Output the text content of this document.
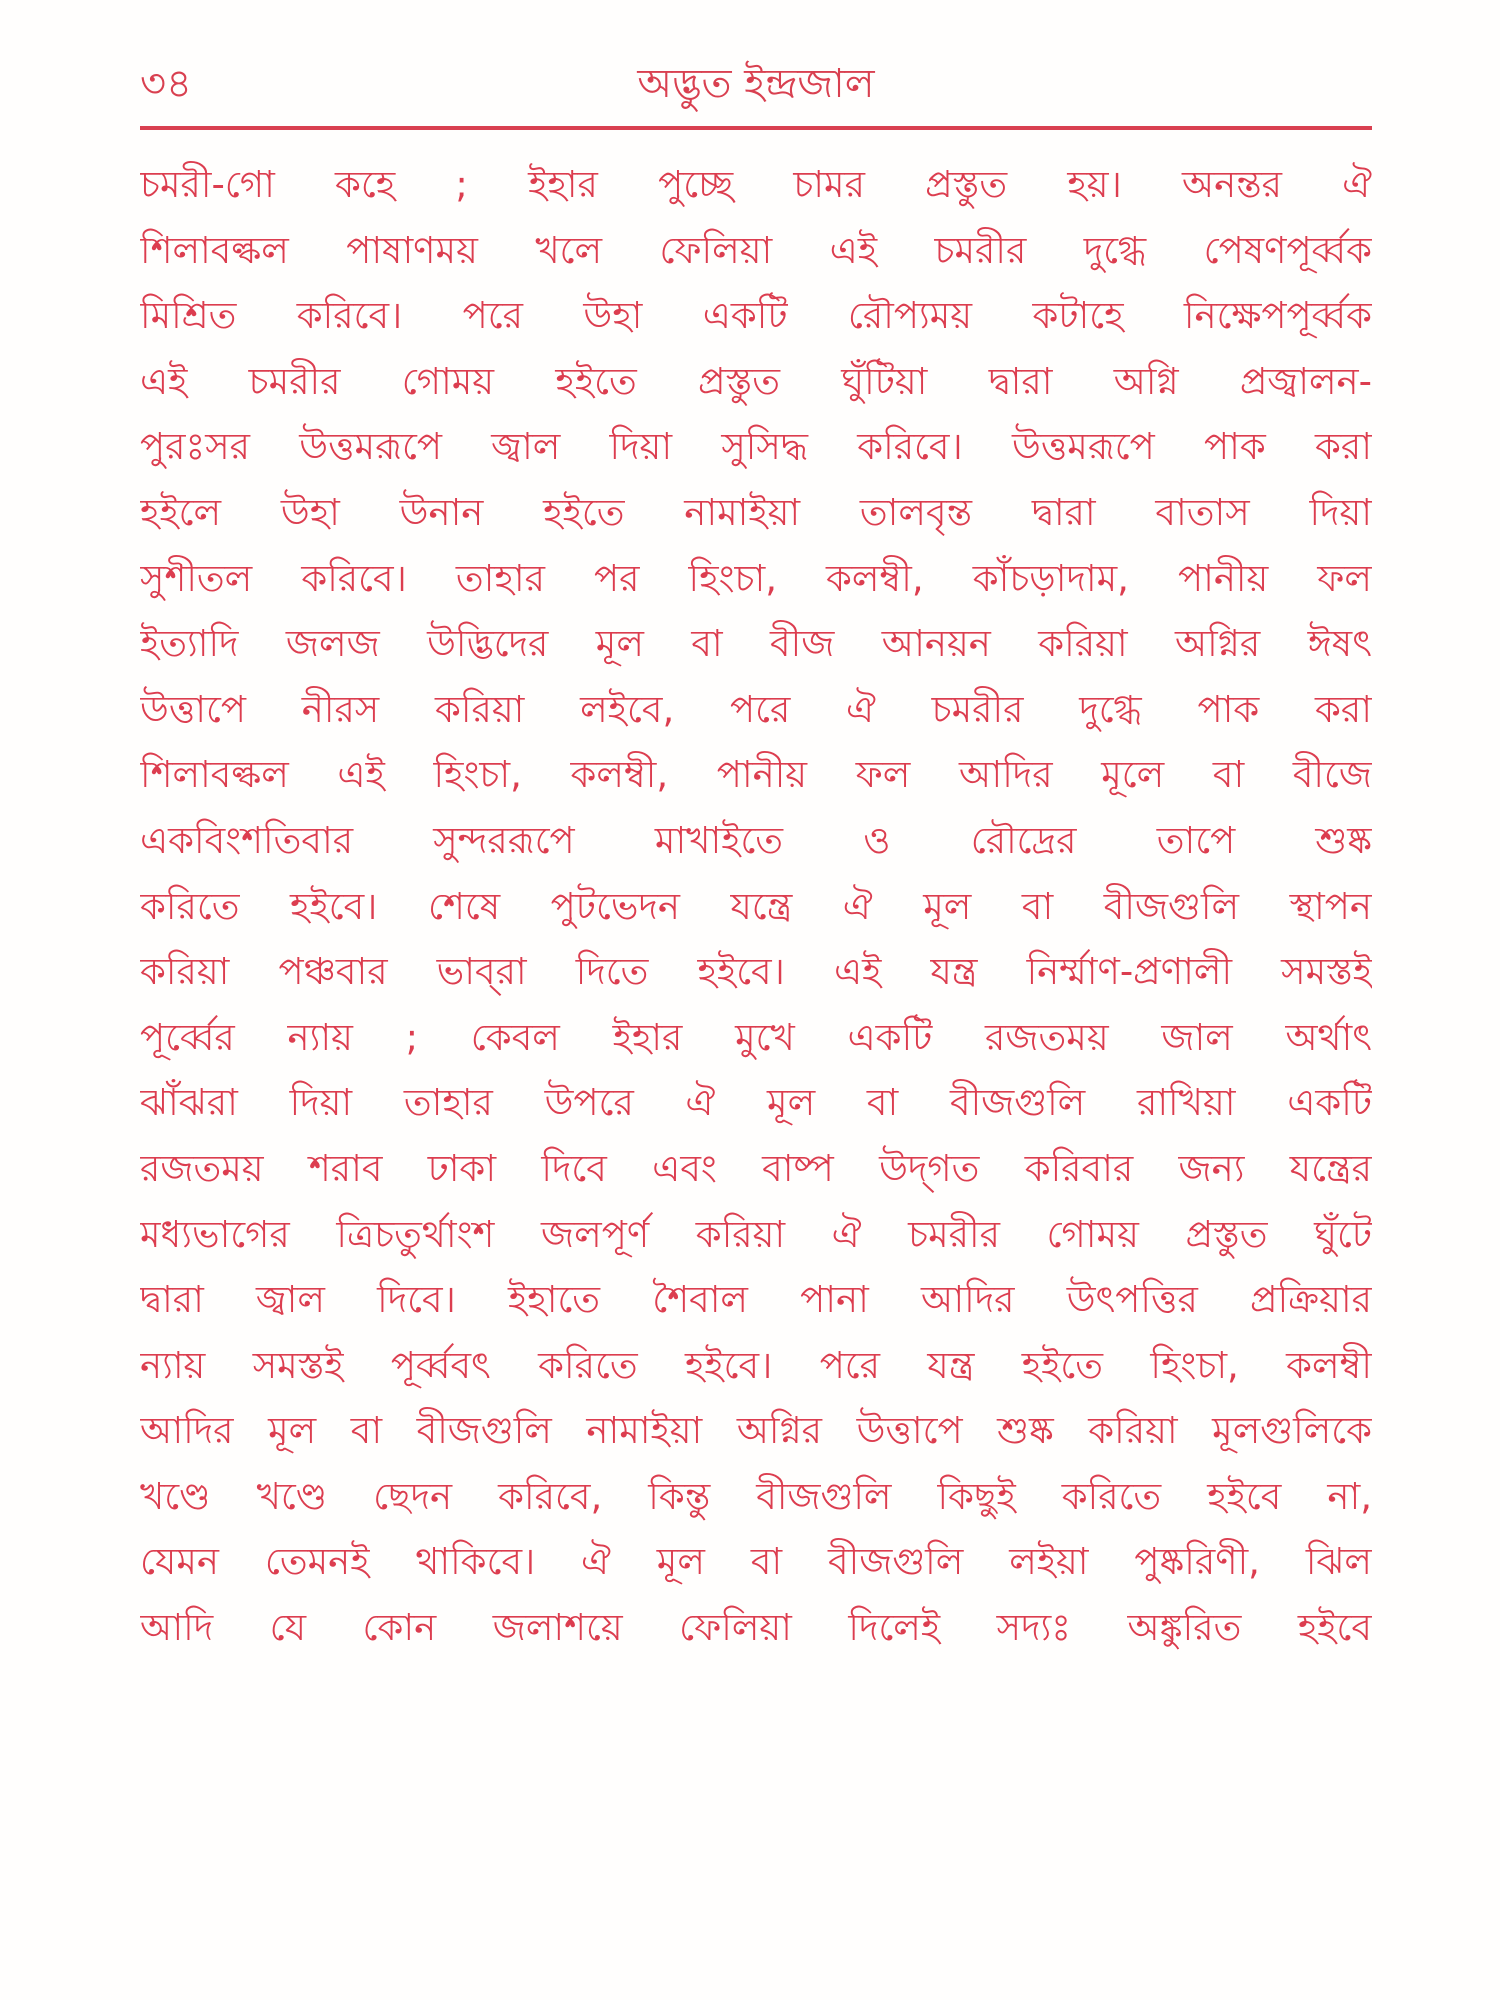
৩৪	অদ্ভুত ইন্দ্রজাল
চমরী-গো কহে ; ইহার পুচ্ছে চামর প্রস্তুত হয়। অনন্তর ঐ
শিলাবল্কল পাষাণময় খলে ফেলিয়া এই চমরীর দুগ্ধে পেষণপূর্ব্বক
মিশ্রিত করিবে। পরে উহা একটি রৌপ্যময় কটাহে নিক্ষেপপূর্ব্বক
এই চমরীর গোময় হইতে প্রস্তুত ঘুঁটিয়া দ্বারা অগ্নি প্রজ্বালন-
পুরঃসর উত্তমরূপে জ্বাল দিয়া সুসিদ্ধ করিবে। উত্তমরূপে পাক করা
হইলে উহা উনান হইতে নামাইয়া তালবৃন্ত দ্বারা বাতাস দিয়া
সুশীতল করিবে। তাহার পর হিংচা, কলম্বী, কাঁচড়াদাম, পানীয় ফল
ইত্যাদি জলজ উদ্ভিদের মূল বা বীজ আনয়ন করিয়া অগ্নির ঈষৎ
উত্তাপে নীরস করিয়া লইবে, পরে ঐ চমরীর দুগ্ধে পাক করা
শিলাবল্কল এই হিংচা, কলম্বী, পানীয় ফল আদির মূলে বা বীজে
একবিংশতিবার সুন্দররূপে মাখাইতে ও রৌদ্রের তাপে শুষ্ক
করিতে হইবে। শেষে পুটভেদন যন্ত্রে ঐ মূল বা বীজগুলি স্থাপন
করিয়া পঞ্চবার ভাব্‌রা দিতে হইবে। এই যন্ত্র নির্ম্মাণ-প্রণালী সমস্তই
পূর্ব্বের ন্যায় ; কেবল ইহার মুখে একটি রজতময় জাল অর্থাৎ
ঝাঁঝরা দিয়া তাহার উপরে ঐ মূল বা বীজগুলি রাখিয়া একটি
রজতময় শরাব ঢাকা দিবে এবং বাষ্প উদ্‌গত করিবার জন্য যন্ত্রের
মধ্যভাগের ত্রিচতুর্থাংশ জলপূর্ণ করিয়া ঐ চমরীর গোময় প্রস্তুত ঘুঁটে
দ্বারা জ্বাল দিবে। ইহাতে শৈবাল পানা আদির উৎপত্তির প্রক্রিয়ার
ন্যায় সমস্তই পূর্ব্ববৎ করিতে হইবে। পরে যন্ত্র হইতে হিংচা, কলম্বী
আদির মূল বা বীজগুলি নামাইয়া অগ্নির উত্তাপে শুষ্ক করিয়া মূলগুলিকে
খণ্ডে খণ্ডে ছেদন করিবে, কিন্তু বীজগুলি কিছুই করিতে হইবে না,
যেমন তেমনই থাকিবে। ঐ মূল বা বীজগুলি লইয়া পুষ্করিণী, ঝিল
আদি যে কোন জলাশয়ে ফেলিয়া দিলেই সদ্যঃ অঙ্কুরিত হইবে
